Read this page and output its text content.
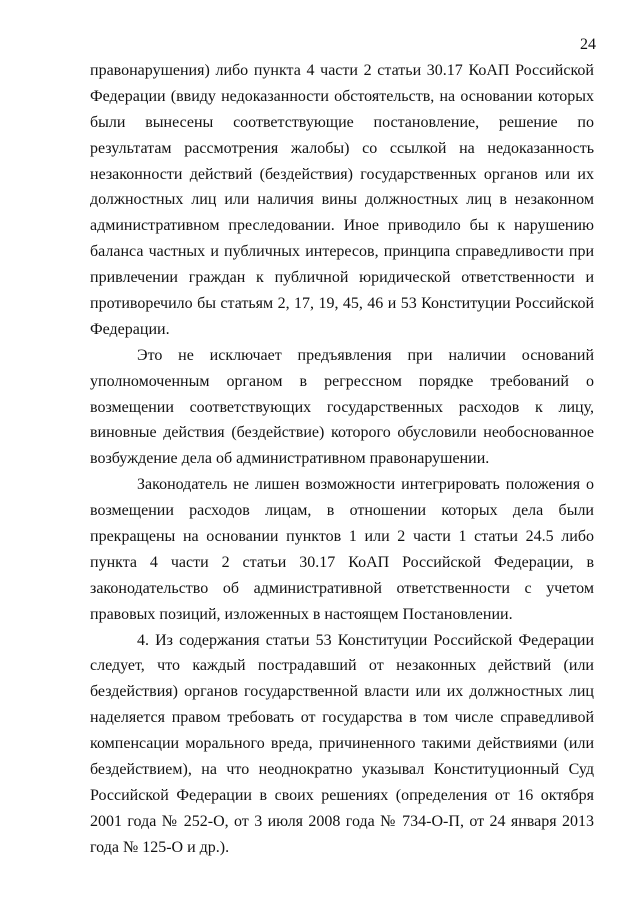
24
правонарушения) либо пункта 4 части 2 статьи 30.17 КоАП Российской
Федерации (ввиду недоказанности обстоятельств, на основании которых
были вынесены соответствующие постановление, решение по
результатам рассмотрения жалобы) со ссылкой на недоказанность
незаконности действий (бездействия) государственных органов или их
должностных лиц или наличия вины должностных лиц в незаконном
административном преследовании. Иное приводило бы к нарушению
баланса частных и публичных интересов, принципа справедливости при
привлечении граждан к публичной юридической ответственности и
противоречило бы статьям 2, 17, 19, 45, 46 и 53 Конституции Российской
Федерации.
Это не исключает предъявления при наличии оснований
уполномоченным органом в регрессном порядке требований о
возмещении соответствующих государственных расходов к лицу,
виновные действия (бездействие) которого обусловили необоснованное
возбуждение дела об административном правонарушении.
Законодатель не лишен возможности интегрировать положения о
возмещении расходов лицам, в отношении которых дела были
прекращены на основании пунктов 1 или 2 части 1 статьи 24.5 либо
пункта 4 части 2 статьи 30.17 КоАП Российской Федерации, в
законодательство об административной ответственности с учетом
правовых позиций, изложенных в настоящем Постановлении.
4. Из содержания статьи 53 Конституции Российской Федерации
следует, что каждый пострадавший от незаконных действий (или
бездействия) органов государственной власти или их должностных лиц
наделяется правом требовать от государства в том числе справедливой
компенсации морального вреда, причиненного такими действиями (или
бездействием), на что неоднократно указывал Конституционный Суд
Российской Федерации в своих решениях (определения от 16 октября
2001 года № 252-О, от 3 июля 2008 года № 734-О-П, от 24 января 2013
года № 125-О и др.).
